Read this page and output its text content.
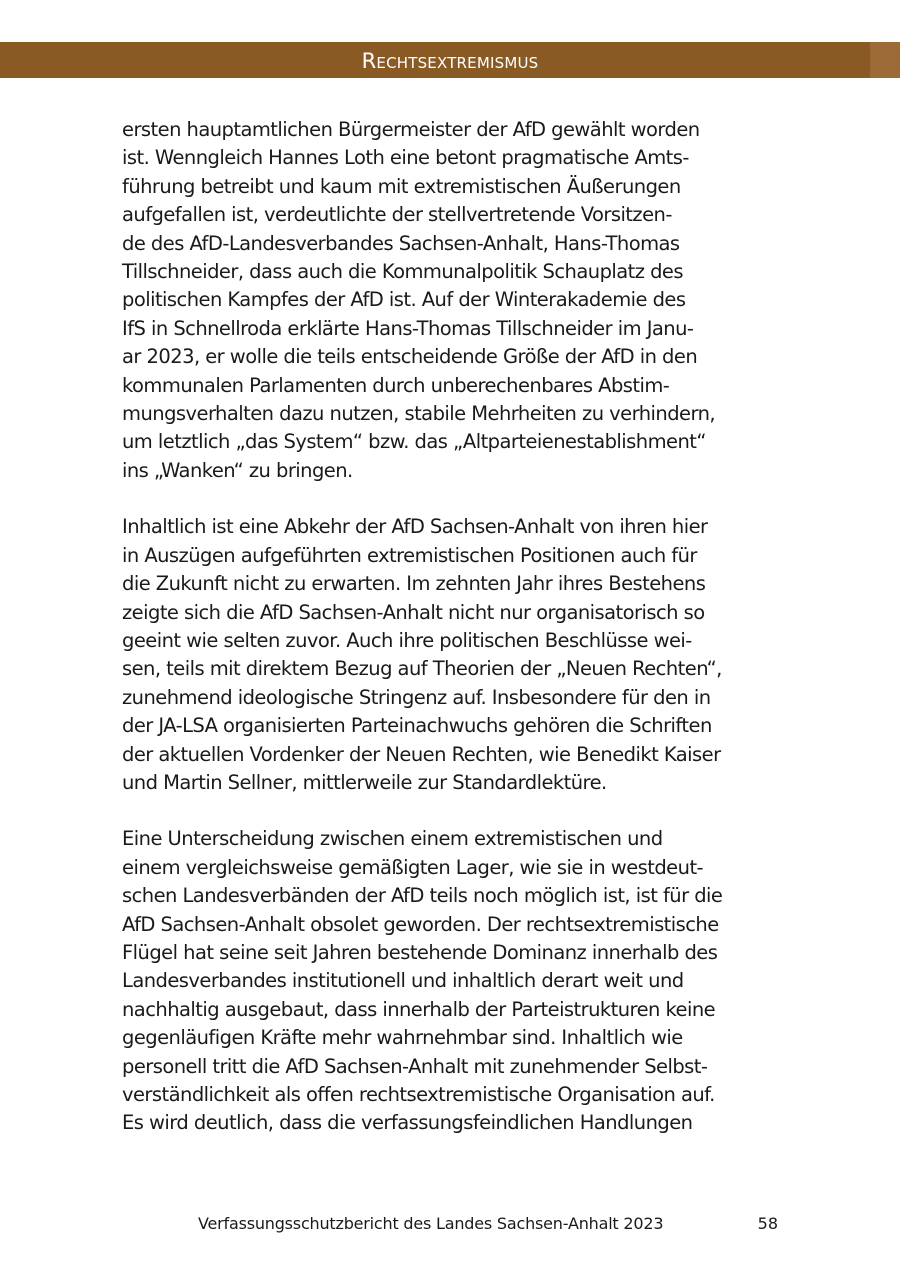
Rechtsextremismus
ersten hauptamtlichen Bürgermeister der AfD gewählt worden
ist. Wenngleich Hannes Loth eine betont pragmatische Amts-
führung betreibt und kaum mit extremistischen Äußerungen
aufgefallen ist, verdeutlichte der stellvertretende Vorsitzen-
de des AfD-Landesverbandes Sachsen-Anhalt, Hans-Thomas
Tillschneider, dass auch die Kommunalpolitik Schauplatz des
politischen Kampfes der AfD ist. Auf der Winterakademie des
IfS in Schnellroda erklärte Hans-Thomas Tillschneider im Janu-
ar 2023, er wolle die teils entscheidende Größe der AfD in den
kommunalen Parlamenten durch unberechenbares Abstim-
mungsverhalten dazu nutzen, stabile Mehrheiten zu verhindern,
um letztlich „das System“ bzw. das „Altparteienestablishment“
ins „Wanken“ zu bringen.
Inhaltlich ist eine Abkehr der AfD Sachsen-Anhalt von ihren hier
in Auszügen aufgeführten extremistischen Positionen auch für
die Zukunft nicht zu erwarten. Im zehnten Jahr ihres Bestehens
zeigte sich die AfD Sachsen-Anhalt nicht nur organisatorisch so
geeint wie selten zuvor. Auch ihre politischen Beschlüsse wei-
sen, teils mit direktem Bezug auf Theorien der „Neuen Rechten“,
zunehmend ideologische Stringenz auf. Insbesondere für den in
der JA-LSA organisierten Parteinachwuchs gehören die Schriften
der aktuellen Vordenker der Neuen Rechten, wie Benedikt Kaiser
und Martin Sellner, mittlerweile zur Standardlektüre.
Eine Unterscheidung zwischen einem extremistischen und
einem vergleichsweise gemäßigten Lager, wie sie in westdeut-
schen Landesverbänden der AfD teils noch möglich ist, ist für die
AfD Sachsen-Anhalt obsolet geworden. Der rechtsextremistische
Flügel hat seine seit Jahren bestehende Dominanz innerhalb des
Landesverbandes institutionell und inhaltlich derart weit und
nachhaltig ausgebaut, dass innerhalb der Parteistrukturen keine
gegenläufigen Kräfte mehr wahrnehmbar sind. Inhaltlich wie
personell tritt die AfD Sachsen-Anhalt mit zunehmender Selbst-
verständlichkeit als offen rechtsextremistische Organisation auf.
Es wird deutlich, dass die verfassungsfeindlichen Handlungen
Verfassungsschutzbericht des Landes Sachsen-Anhalt 2023	58
